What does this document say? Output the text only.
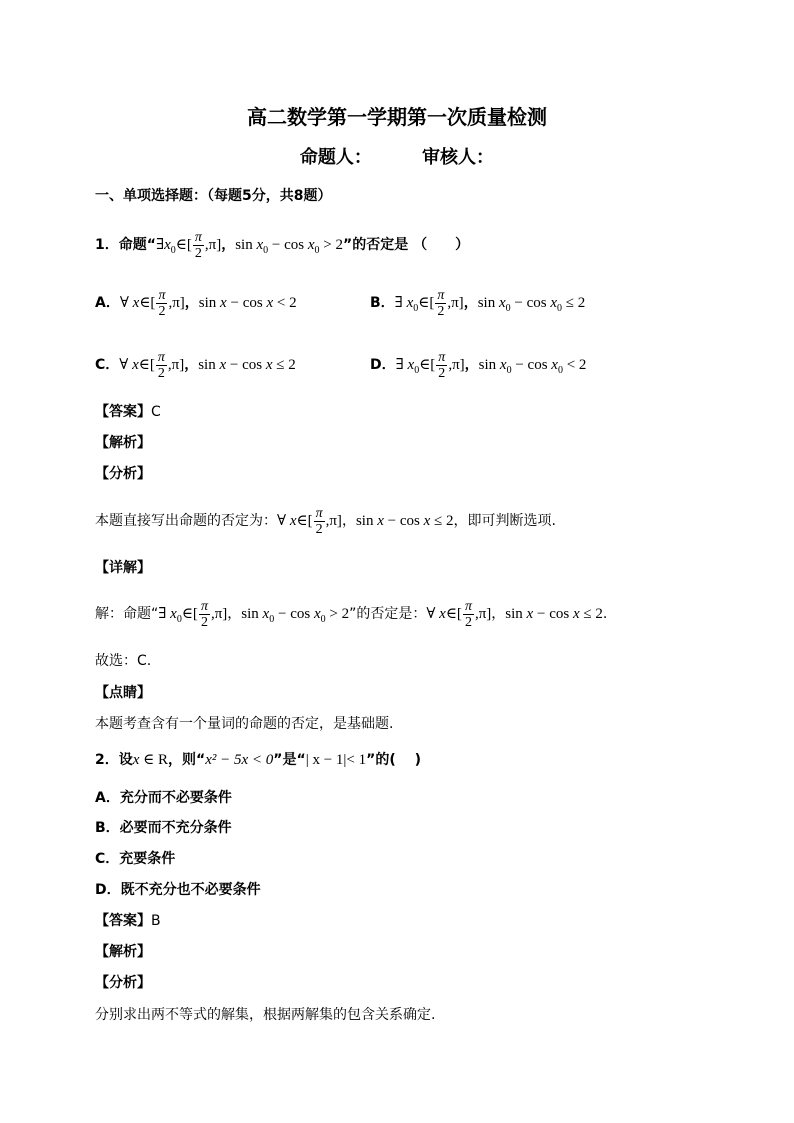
高二数学第一学期第一次质量检测
命题人：        审核人：
一、单项选择题：（每题5分，共8题）
1．命题“$\exists x_0\in[ \frac{\pi}{2} ,\pi]$，$\sin x_0 - \cos x_0 > 2$”的否定是 （　　）
A．∀ x∈[ $\frac{\pi}{2} ,\pi$]，sin x − cos x < 2	B．∃ $x_0\in[ \frac{\pi}{2} ,\pi]$，$\sin x_0 - \cos x_0 \le 2$
C．∀ x∈[ $\frac{\pi}{2} ,\pi$]，sin x − cos x ≤ 2	D．∃ $x_0\in[ \frac{\pi}{2} ,\pi]$，$\sin x_0 - \cos x_0 < 2$
【答案】C
【解析】
【分析】
本题直接写出命题的否定为：∀ x∈[ $\frac{\pi}{2} ,\pi$]，sin x − cos x ≤ 2，即可判断选项.
【详解】
解：命题“∃ $x_0\in[ \frac{\pi}{2} ,\pi]$，$\sin x_0 - \cos x_0 > 2$”的否定是：∀ x∈[ $\frac{\pi}{2} ,\pi$]，sin x − cos x ≤ 2.
故选：C.
【点睛】
本题考查含有一个量词的命题的否定，是基础题.
2．设x ∈ R，则“x² − 5x < 0”是“| x − 1|< 1”的(　 )
A．充分而不必要条件
B．必要而不充分条件
C．充要条件
D．既不充分也不必要条件
【答案】B
【解析】
【分析】
分别求出两不等式的解集，根据两解集的包含关系确定.
